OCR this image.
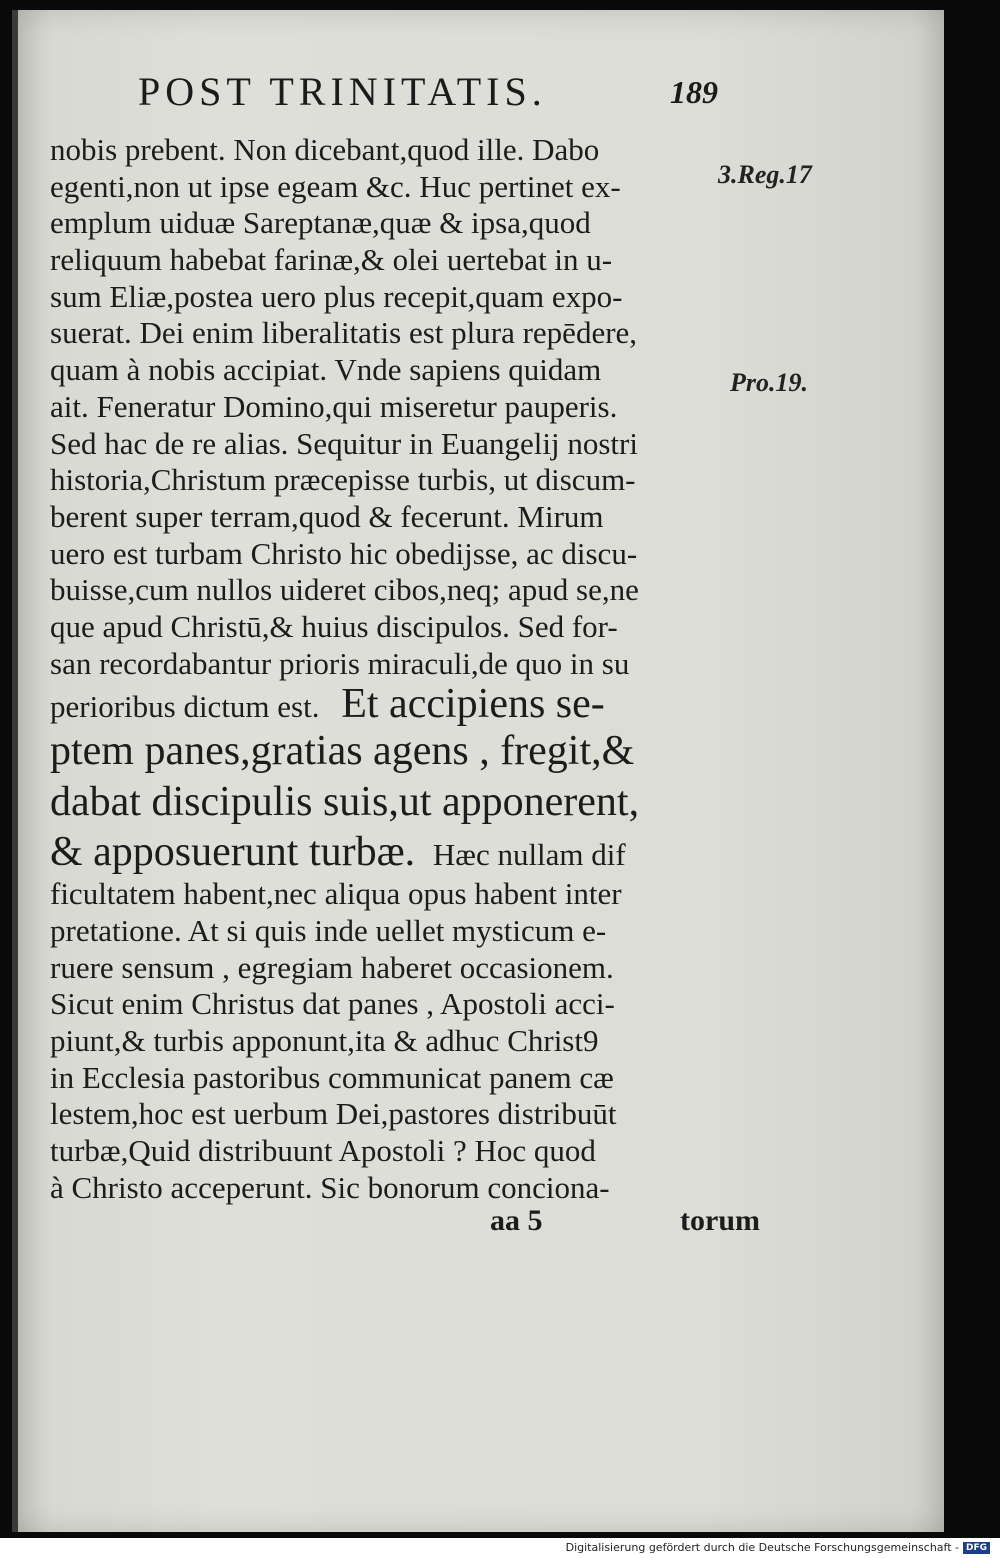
POST TRINITATIS.	189
3.Reg.17
Pro.19.
nobis prebent. Non dicebant,quod ille. Dabo
egenti,non ut ipse egeam &c. Huc pertinet ex-
emplum uiduæ Sareptanæ,quæ & ipsa,quod
reliquum habebat farinæ,& olei uertebat in u-
sum Eliæ,postea uero plus recepit,quam expo-
suerat. Dei enim liberalitatis est plura repēdere,
quam à nobis accipiat. Vnde sapiens quidam
ait. Feneratur Domino,qui miseretur pauperis.
Sed hac de re alias. Sequitur in Euangelij nostri
historia,Christum præcepisse turbis, ut discum-
berent super terram,quod & fecerunt. Mirum
uero est turbam Christo hic obedijsse, ac discu-
buisse,cum nullos uideret cibos,neq; apud se,ne
que apud Christū,& huius discipulos. Sed for-
san recordabantur prioris miraculi,de quo in su
perioribus dictum est. Et accipiens se-
ptem panes,gratias agens , fregit,&
dabat discipulis suis,ut apponerent,
& apposuerunt turbæ. Hæc nullam dif
ficultatem habent,nec aliqua opus habent inter
pretatione. At si quis inde uellet mysticum e-
ruere sensum , egregiam haberet occasionem.
Sicut enim Christus dat panes , Apostoli acci-
piunt,& turbis apponunt,ita & adhuc Christ9
in Ecclesia pastoribus communicat panem cæ
lestem,hoc est uerbum Dei,pastores distribuūt
turbæ,Quid distribuunt Apostoli ? Hoc quod
à Christo acceperunt. Sic bonorum conciona-
aa 5	torum
Digitalisierung gefördert durch die Deutsche Forschungsgemeinschaft - DFG
